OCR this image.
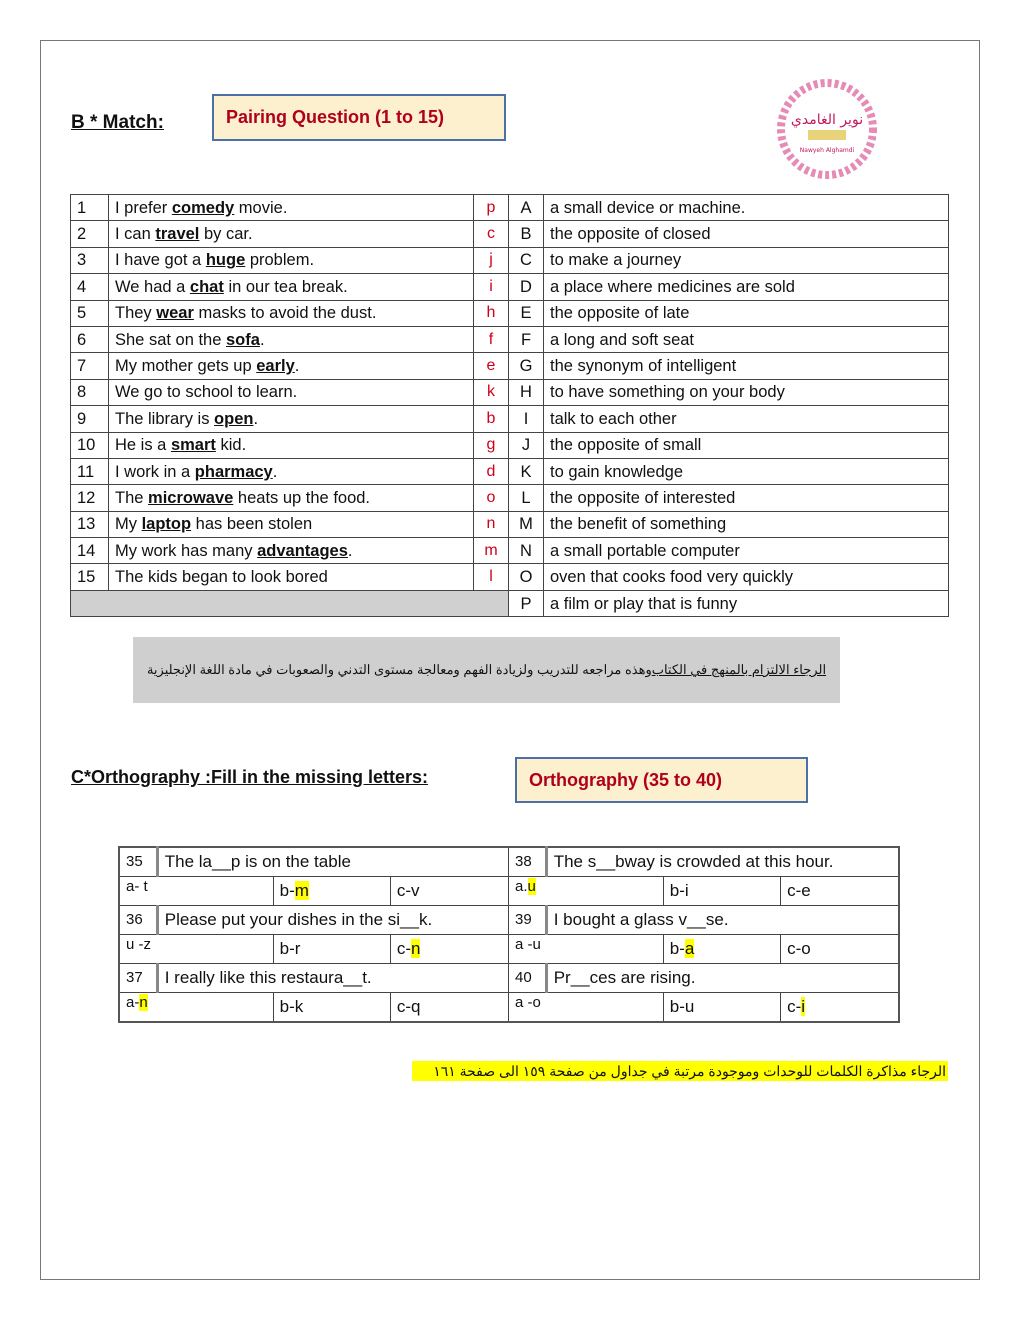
B * Match:	Pairing Question (1 to 15)	نوير الغامدي
Nawyeh Alghamdi
1	I prefer comedy movie.	p	A	a small device or machine.
2	I can travel by car.	c	B	the opposite of closed
3	I have got a huge problem.	j	C	to make a journey
4	We had a chat in our tea break.	i	D	a place where medicines are sold
5	They wear masks to avoid the dust.	h	E	the opposite of late
6	She sat on the sofa.	f	F	a long and soft seat
7	My mother gets up early.	e	G	the synonym of intelligent
8	We go to school to learn.	k	H	to have something on your body
9	The library is open.	b	I	talk to each other
10	He is a smart kid.	g	J	the opposite of small
11	I work in a pharmacy.	d	K	to gain knowledge
12	The microwave heats up the food.	o	L	the opposite of interested
13	My laptop has been stolen	n	M	the benefit of something
14	My work has many advantages.	m	N	a small portable computer
15	The kids began to look bored	l	O	oven that cooks food very quickly
			P	a film or play that is funny
الرجاء الالتزام بالمنهج في الكتاب
وهذه مراجعه للتدريب ولزيادة الفهم ومعالجة مستوى التدني والصعوبات في مادة اللغة الإنجليزية
C*Orthography :Fill in the missing letters:	Orthography (35 to 40)
35	The la__p is on the table			38	The s__bway is crowded at this hour.		
a- t		b-m	c-v	a.u		b-i	c-e
36	Please put your dishes in the si__k.			39	I bought a glass v__se.		
u -z		b-r	c-n	a -u		b-a	c-o
37	I really like this restaura__t.			40	Pr__ces are rising.		
a-n		b-k	c-q	a -o		b-u	c-i
الرجاء مذاكرة الكلمات للوحدات وموجودة مرتبة في جداول من صفحة ١٥٩ الى صفحة ١٦١
